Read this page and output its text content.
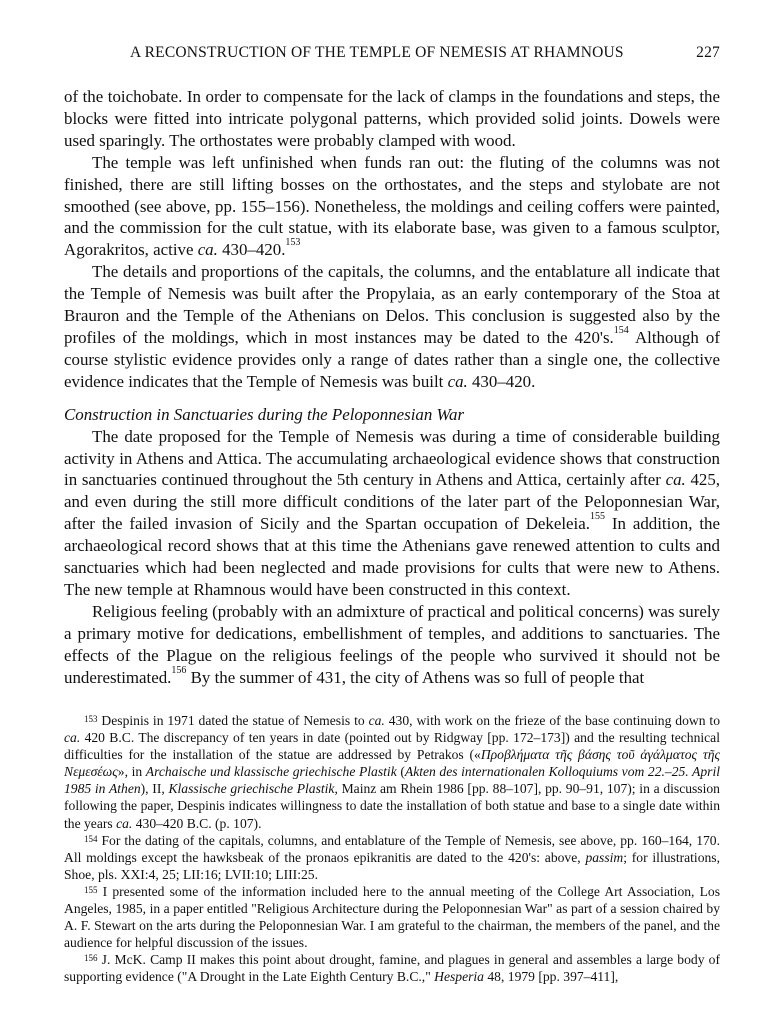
A RECONSTRUCTION OF THE TEMPLE OF NEMESIS AT RHAMNOUS	227

of the toichobate. In order to compensate for the lack of clamps in the foundations and steps, the blocks were fitted into intricate polygonal patterns, which provided solid joints. Dowels were used sparingly. The orthostates were probably clamped with wood.

The temple was left unfinished when funds ran out: the fluting of the columns was not finished, there are still lifting bosses on the orthostates, and the steps and stylobate are not smoothed (see above, pp. 155–156). Nonetheless, the moldings and ceiling coffers were painted, and the commission for the cult statue, with its elaborate base, was given to a famous sculptor, Agorakritos, active ca. 430–420.$^{153}$

The details and proportions of the capitals, the columns, and the entablature all indicate that the Temple of Nemesis was built after the Propylaia, as an early contemporary of the Stoa at Brauron and the Temple of the Athenians on Delos. This conclusion is suggested also by the profiles of the moldings, which in most instances may be dated to the 420's.$^{154}$ Although of course stylistic evidence provides only a range of dates rather than a single one, the collective evidence indicates that the Temple of Nemesis was built ca. 430–420.

Construction in Sanctuaries during the Peloponnesian War

The date proposed for the Temple of Nemesis was during a time of considerable building activity in Athens and Attica. The accumulating archaeological evidence shows that construction in sanctuaries continued throughout the 5th century in Athens and Attica, certainly after ca. 425, and even during the still more difficult conditions of the later part of the Peloponnesian War, after the failed invasion of Sicily and the Spartan occupation of Dekeleia.$^{155}$ In addition, the archaeological record shows that at this time the Athenians gave renewed attention to cults and sanctuaries which had been neglected and made provisions for cults that were new to Athens. The new temple at Rhamnous would have been constructed in this context.

Religious feeling (probably with an admixture of practical and political concerns) was surely a primary motive for dedications, embellishment of temples, and additions to sanctuaries. The effects of the Plague on the religious feelings of the people who survived it should not be underestimated.$^{156}$ By the summer of 431, the city of Athens was so full of people that

$^{153}$ Despinis in 1971 dated the statue of Nemesis to ca. 430, with work on the frieze of the base continuing down to ca. 420 B.C. The discrepancy of ten years in date (pointed out by Ridgway [pp. 172–173]) and the resulting technical difficulties for the installation of the statue are addressed by Petrakos («Προβλήματα τῆς βάσης τοῦ ἀγάλματος τῆς Νεμεσέως», in Archaische und klassische griechische Plastik (Akten des internationalen Kolloquiums vom 22.–25. April 1985 in Athen), II, Klassische griechische Plastik, Mainz am Rhein 1986 [pp. 88–107], pp. 90–91, 107); in a discussion following the paper, Despinis indicates willingness to date the installation of both statue and base to a single date within the years ca. 430–420 B.C. (p. 107).

$^{154}$ For the dating of the capitals, columns, and entablature of the Temple of Nemesis, see above, pp. 160–164, 170. All moldings except the hawksbeak of the pronaos epikranitis are dated to the 420's: above, passim; for illustrations, Shoe, pls. XXI:4, 25; LII:16; LVII:10; LIII:25.

$^{155}$ I presented some of the information included here to the annual meeting of the College Art Association, Los Angeles, 1985, in a paper entitled "Religious Architecture during the Peloponnesian War" as part of a session chaired by A. F. Stewart on the arts during the Peloponnesian War. I am grateful to the chairman, the members of the panel, and the audience for helpful discussion of the issues.

$^{156}$ J. McK. Camp II makes this point about drought, famine, and plagues in general and assembles a large body of supporting evidence ("A Drought in the Late Eighth Century B.C.," Hesperia 48, 1979 [pp. 397–411],
